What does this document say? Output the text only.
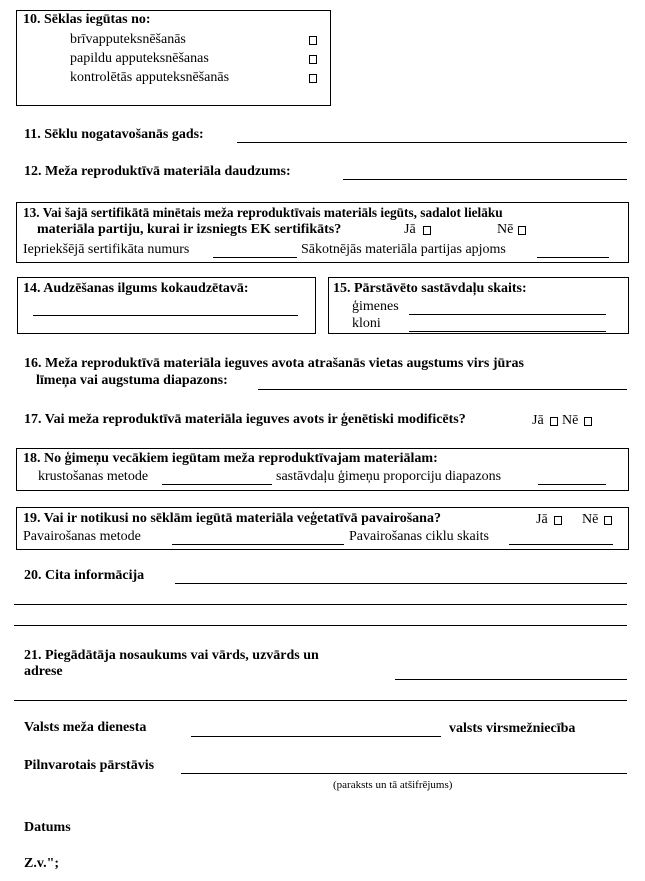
10. Sēklas iegūtas no:
brīvapputeksnēšanās
papildu apputeksnēšanas
kontrolētās apputeksnēšanās
11. Sēklu nogatavošanās gads:
12. Meža reproduktīvā materiāla daudzums:
13. Vai šajā sertifikātā minētais meža reproduktīvais materiāls iegūts, sadalot lielāku
materiāla partiju, kurai ir izsniegts EK sertifikāts?	Jā	Nē
Iepriekšējā sertifikāta numurs	Sākotnējās materiāla partijas apjoms
14. Audzēšanas ilgums kokaudzētavā:	15. Pārstāvēto sastāvdaļu skaits:
ģimenes
kloni
16. Meža reproduktīvā materiāla ieguves avota atrašanās vietas augstums virs jūras
līmeņa vai augstuma diapazons:
17. Vai meža reproduktīvā materiāla ieguves avots ir ģenētiski modificēts?	Jā Nē
18. No ģimeņu vecākiem iegūtam meža reproduktīvajam materiālam:
krustošanas metode	sastāvdaļu ģimeņu proporciju diapazons
19. Vai ir notikusi no sēklām iegūtā materiāla veģetatīvā pavairošana?	Jā Nē
Pavairošanas metode	Pavairošanas ciklu skaits
20. Cita informācija
21. Piegādātāja nosaukums vai vārds, uzvārds un
adrese
Valsts meža dienesta	valsts virsmežniecība
Pilnvarotais pārstāvis
(paraksts un tā atšifrējums)
Datums
Z.v.";
